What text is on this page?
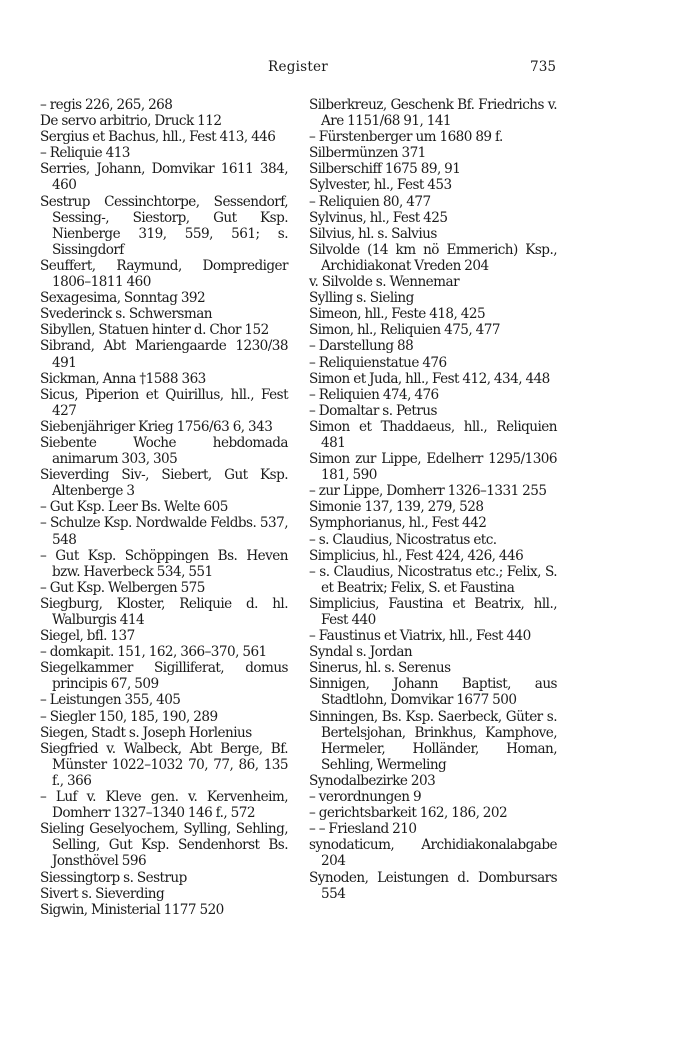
Register	735

– regis 226, 265, 268

De servo arbitrio, Druck 112

Sergius et Bachus, hll., Fest 413, 446

– Reliquie 413

Serries, Johann, Domvikar 1611 384, 460

Sestrup Cessinchtorpe, Sessendorf, Sessing-, Siestorp, Gut Ksp. Nienberge 319, 559, 561; s. Sissingdorf

Seuffert, Raymund, Domprediger 1806–1811 460

Sexagesima, Sonntag 392

Svederinck s. Schwersman

Sibyllen, Statuen hinter d. Chor 152

Sibrand, Abt Mariengaarde 1230/38 491

Sickman, Anna †1588 363

Sicus, Piperion et Quirillus, hll., Fest 427

Siebenjähriger Krieg 1756/63 6, 343

Siebente Woche hebdomada animarum 303, 305

Sieverding Siv-, Siebert, Gut Ksp. Altenberge 3

– Gut Ksp. Leer Bs. Welte 605

– Schulze Ksp. Nordwalde Feldbs. 537, 548

– Gut Ksp. Schöppingen Bs. Heven bzw. Haverbeck 534, 551

– Gut Ksp. Welbergen 575

Siegburg, Kloster, Reliquie d. hl. Walburgis 414

Siegel, bfl. 137

– domkapit. 151, 162, 366–370, 561

Siegelkammer Sigilliferat, domus principis 67, 509

– Leistungen 355, 405

– Siegler 150, 185, 190, 289

Siegen, Stadt s. Joseph Horlenius

Siegfried v. Walbeck, Abt Berge, Bf. Münster 1022–1032 70, 77, 86, 135 f., 366

– Luf v. Kleve gen. v. Kervenheim, Domherr 1327–1340 146 f., 572

Sieling Geselyochem, Sylling, Sehling, Selling, Gut Ksp. Sendenhorst Bs. Jonsthövel 596

Siessingtorp s. Sestrup

Sivert s. Sieverding

Sigwin, Ministerial 1177 520

Silberkreuz, Geschenk Bf. Friedrichs v. Are 1151/68 91, 141

– Fürstenberger um 1680 89 f.

Silbermünzen 371

Silberschiff 1675 89, 91

Sylvester, hl., Fest 453

– Reliquien 80, 477

Sylvinus, hl., Fest 425

Silvius, hl. s. Salvius

Silvolde (14 km nö Emmerich) Ksp., Archidiakonat Vreden 204

v. Silvolde s. Wennemar

Sylling s. Sieling

Simeon, hll., Feste 418, 425

Simon, hl., Reliquien 475, 477

– Darstellung 88

– Reliquienstatue 476

Simon et Juda, hll., Fest 412, 434, 448

– Reliquien 474, 476

– Domaltar s. Petrus

Simon et Thaddaeus, hll., Reliquien 481

Simon zur Lippe, Edelherr 1295/1306 181, 590

– zur Lippe, Domherr 1326–1331 255

Simonie 137, 139, 279, 528

Symphorianus, hl., Fest 442

– s. Claudius, Nicostratus etc.

Simplicius, hl., Fest 424, 426, 446

– s. Claudius, Nicostratus etc.; Felix, S. et Beatrix; Felix, S. et Faustina

Simplicius, Faustina et Beatrix, hll., Fest 440

– Faustinus et Viatrix, hll., Fest 440

Syndal s. Jordan

Sinerus, hl. s. Serenus

Sinnigen, Johann Baptist, aus Stadtlohn, Domvikar 1677 500

Sinningen, Bs. Ksp. Saerbeck, Güter s. Bertelsjohan, Brinkhus, Kamphove, Hermeler, Holländer, Homan, Sehling, Wermeling

Synodalbezirke 203

– verordnungen 9

– gerichtsbarkeit 162, 186, 202

– – Friesland 210

synodaticum, Archidiakonalabgabe 204

Synoden, Leistungen d. Dombursars 554
